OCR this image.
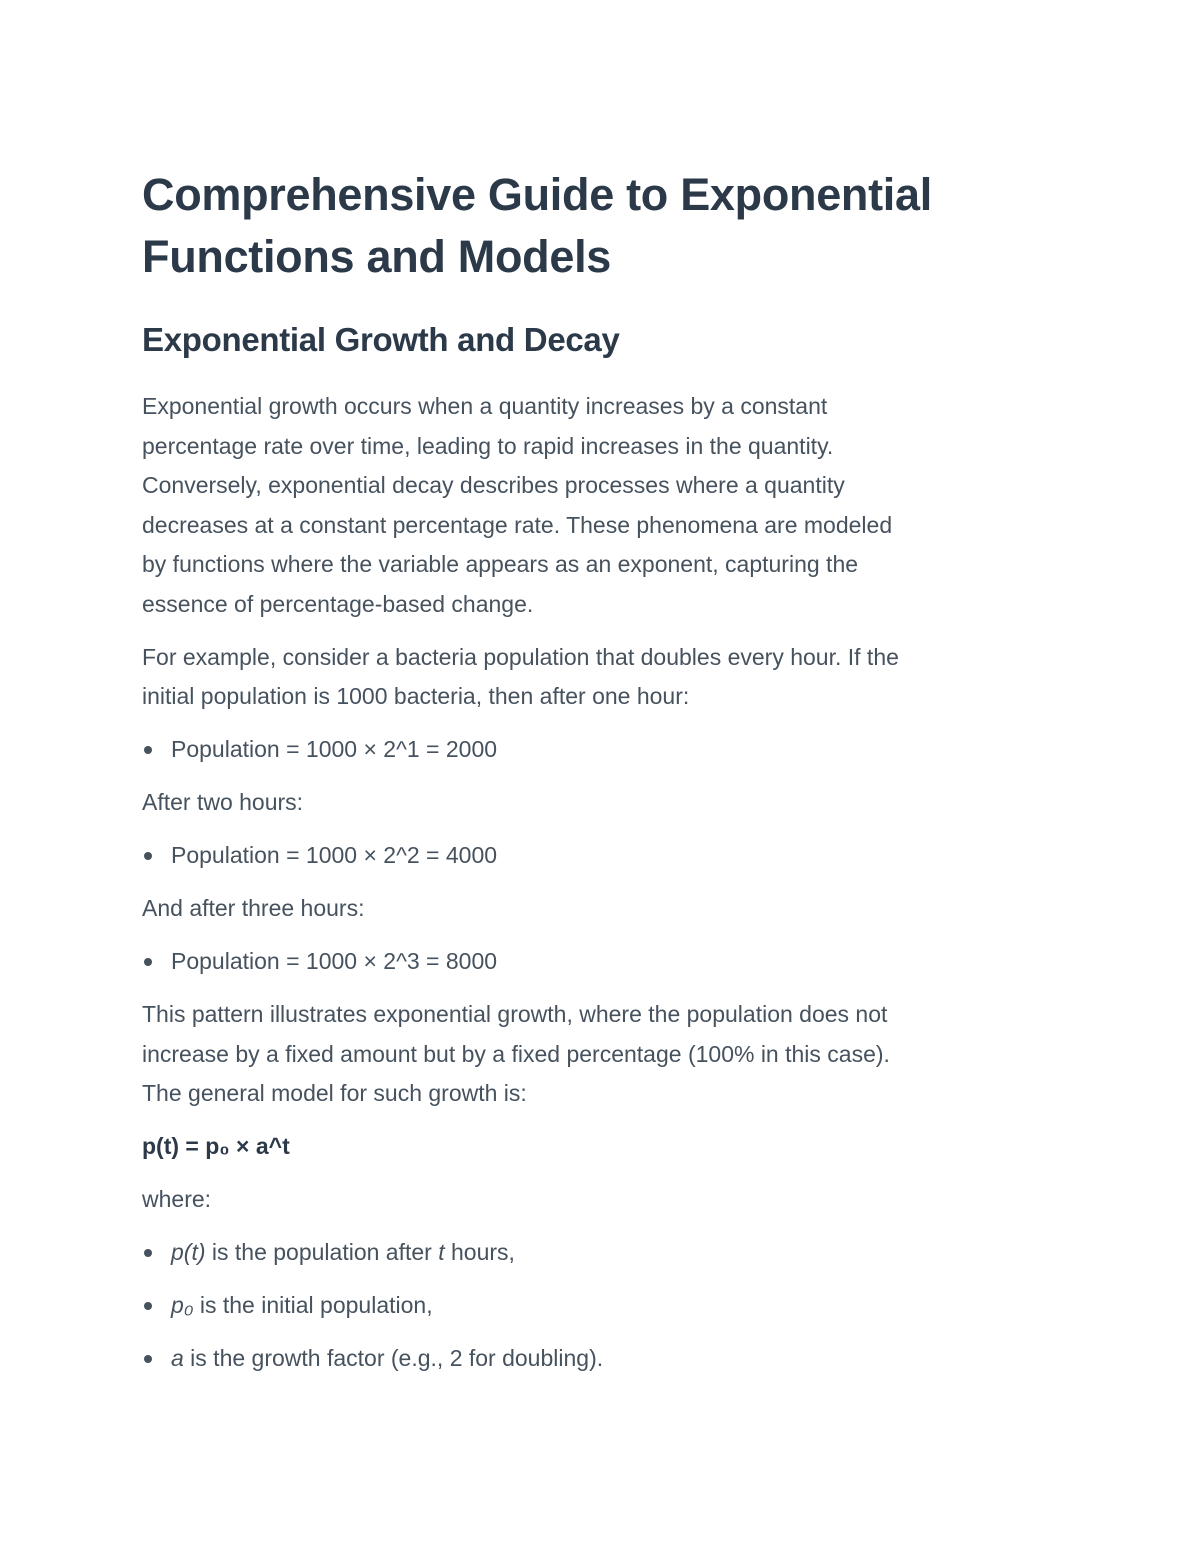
Comprehensive Guide to Exponential
Functions and Models
Exponential Growth and Decay
Exponential growth occurs when a quantity increases by a constant
percentage rate over time, leading to rapid increases in the quantity.
Conversely, exponential decay describes processes where a quantity
decreases at a constant percentage rate. These phenomena are modeled
by functions where the variable appears as an exponent, capturing the
essence of percentage-based change.
For example, consider a bacteria population that doubles every hour. If the
initial population is 1000 bacteria, then after one hour:
Population = 1000 × 2^1 = 2000
After two hours:
Population = 1000 × 2^2 = 4000
And after three hours:
Population = 1000 × 2^3 = 8000
This pattern illustrates exponential growth, where the population does not
increase by a fixed amount but by a fixed percentage (100% in this case).
The general model for such growth is:
p(t) = p₀ × a^t
where:
p(t) is the population after t hours,
p₀ is the initial population,
a is the growth factor (e.g., 2 for doubling).
